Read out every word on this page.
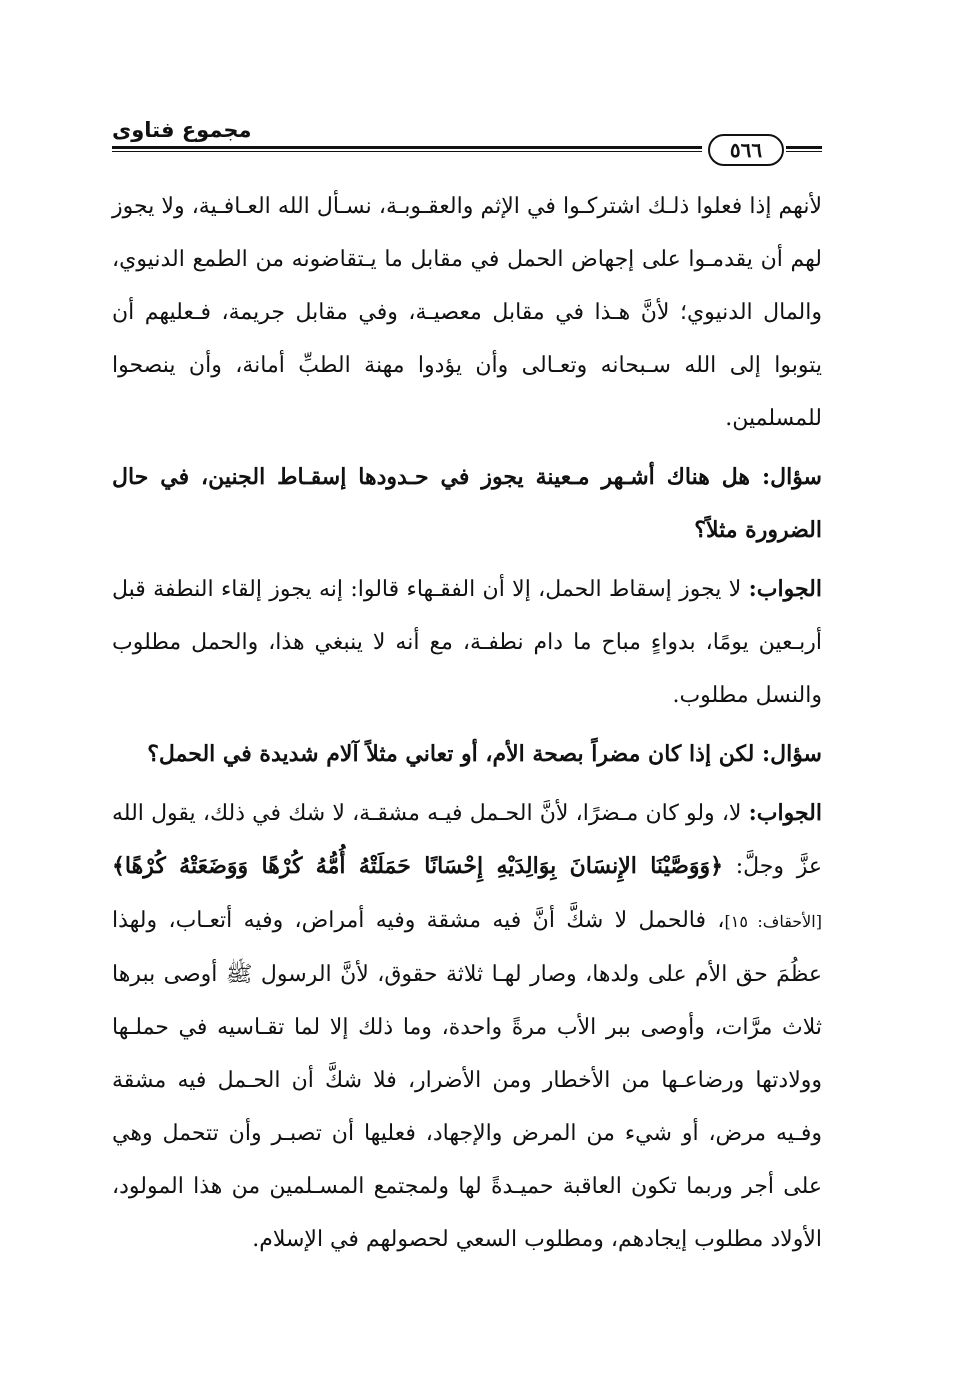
مجموع فتاوى
٥٦٦

لأنهم إذا فعلوا ذلـك اشتركـوا في الإثم والعقـوبـة، نسـأل الله العـافـية، ولا يجوز لهم أن يقدمـوا على إجهاض الحمل في مقابل ما يـتقاضونه من الطمع الدنيوي، والمال الدنيوي؛ لأنَّ هـذا في مقابل معصيـة، وفي مقابل جريمة، فـعليهم أن يتوبوا إلى الله سـبحانه وتعـالى وأن يؤدوا مهنة الطبِّ أمانة، وأن ينصحوا للمسلمين.

سؤال: هل هناك أشـهر مـعينة يجوز في حـدودها إسقـاط الجنين، في حال الضرورة مثلاً؟

الجواب: لا يجوز إسقاط الحمل، إلا أن الفقـهاء قالوا: إنه يجوز إلقاء النطفة قبل أربـعين يومًا، بدواءٍ مباح ما دام نطفـة، مع أنه لا ينبغي هذا، والحمل مطلوب والنسل مطلوب.

سؤال: لكن إذا كان مضراً بصحة الأم، أو تعاني مثلاً آلام شديدة في الحمل؟

الجواب: لا، ولو كان مـضرًا، لأنَّ الحـمل فيـه مشقـة، لا شك في ذلك، يقول الله عزَّ وجلَّ: ﴿وَوَصَّيْنَا الإِنسَانَ بِوَالِدَيْهِ إِحْسَانًا حَمَلَتْهُ أُمُّهُ كُرْهًا وَوَضَعَتْهُ كُرْهًا﴾ [الأحقاف: ١٥]، فالحمل لا شكَّ أنَّ فيه مشقة وفيه أمراض، وفيه أتعـاب، ولهذا عظُمَ حق الأم على ولدها، وصار لهـا ثلاثة حقوق، لأنَّ الرسول ﷺ أوصى ببرها ثلاث مرَّات، وأوصى ببر الأب مرةً واحدة، وما ذلك إلا لما تقـاسيه في حملـها وولادتها ورضاعـها من الأخطار ومن الأضرار، فلا شكَّ أن الحـمل فيه مشقة وفـيه مرض، أو شيء من المرض والإجهاد، فعليها أن تصبـر وأن تتحمل وهي على أجر وربما تكون العاقبة حميـدةً لها ولمجتمع المسـلمين من هذا المولود، الأولاد مطلوب إيجادهم، ومطلوب السعي لحصولهم في الإسلام.
